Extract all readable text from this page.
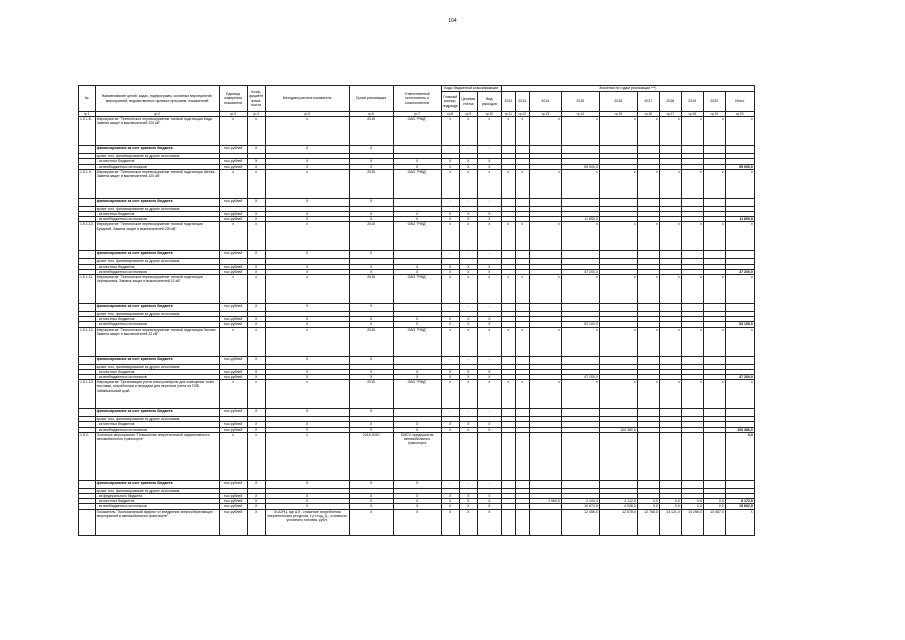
104
№	Наименование целей, задач, подпрограмм, основных мероприятий, мероприятий, ведомственных целевых программ, показателей	Единица измерения показателя	Коэф- фициент значи- мости	Методика расчета показателя	Сроки реализации	Ответственный исполнитель и соисполнители	Коды бюджетной классификации			Значения по годам реализации ***)									
							Главный распор. подразде	Целевая статья	Вид расходов	2012	2013	2014	2015	2016	2017	2018	2019	2020	Итого
гр.1	гр.2	гр.3	гр.4	гр.5	гр.6	гр.7	гр.8	гр.9	гр.10	гр.11	гр.12	гр.13	гр.14	гр.15	гр.16	гр.17	гр.18	гр.19	гр.20
1.5.1.8.	Мероприятие "Техническое перевооружение тяговой подстанции Бада. Замена защит и выключателей 220 кВ"	х	х	х	2015	ОАО "РЖД"	х	х	х	х	х	х	х	х	х	х	х	х	х
	финансирование за счет краевого бюджета	тыс.рублей	Х	Х	Х		-	-	-										
	кроме того, финансирование из других источников:																		
	- из местных бюджетов	тыс.рублей	Х	Х	Х	Х	Х	Х	Х										
	- из внебюджетных источников	тыс.рублей	Х	Х	Х	Х	Х	Х	Х				59 000,0						59 000,0
1.5.1.9.	Мероприятие "Техническое перевооружение тяговой подстанции Шелка. Замена защит и выключателей 220 кВ"	х	х	х	2015	ОАО "РЖД"	х	х	х	х	х	х	х	х	х	х	х	х	х
	финансирование за счет краевого бюджета	тыс.рублей	Х	Х	Х		-	-	-										
	кроме того, финансирование из других источников:																		
	- из местных бюджетов	тыс.рублей	Х	Х	Х	Х	Х	Х	Х										
	- из внебюджетных источников	тыс.рублей	Х	Х	Х	Х	Х	Х	Х				11 800,0						11 800,0
1.5.1.10.	Мероприятие "Техническое перевооружение тяговой подстанции Бушулей. Замена защит и выключателей 220 кВ"	х	х	х	2015	ОАО "РЖД"	х	х	х	х	х	х	х	х	х	х	х	х	х
	финансирование за счет краевого бюджета	тыс.рублей	Х	Х	Х		-	-	-										
	кроме того, финансирование из других источников:																		
	- из местных бюджетов	тыс.рублей	Х	Х	Х	Х	Х	Х	Х										
	- из внебюджетных источников	тыс.рублей	Х	Х	Х	Х	Х	Х	Х				47 200,0						47 200,0
1.5.1.11.	Мероприятие "Техническое перевооружение тяговой подстанции Чернышевск. Замена защит и выключателей 22 кВ"	х	х	х	2015	ОАО "РЖД"	х	х	х	х	х	х	х	х	х	х	х	х	х
	финансирование за счет краевого бюджета	тыс.рублей	Х	Х	Х		-	-	-										
	кроме того, финансирование из других источников:																		
	- из местных бюджетов	тыс.рублей	Х	Х	Х	Х	Х	Х	Х										
	- из внебюджетных источников	тыс.рублей	Х	Х	Х	Х	Х	Х	Х				53 100,0						53 100,0
1.5.1.12.	Мероприятие "Техническое перевооружение тяговой подстанции Зилово. Замена защит и выключателей 22 кВ"	х	х	х	2015	ОАО "РЖД"	х	х	х	х	х	х	х	х	х	х	х	х	х
	финансирование за счет краевого бюджета	тыс.рублей	Х	Х	Х		-	-	-										
	кроме того, финансирование из других источников:																		
	- из местных бюджетов	тыс.рублей	Х	Х	Х	Х	Х	Х	Х										
	- из внебюджетных источников	тыс.рублей	Х	Х	Х	Х	Х	Х	Х				47 200,0						47 200,0
1.5.1.13.	Мероприятие "Организация учета электроэнергии для освещения точек поставки, потребления и передачи для переносв учета на ПЛБ. Забайкальский край	х	х	х	2015	ОАО "РЖД"	х	х	х	х	х	х	х	х	х	х	х	х	х
	финансирование за счет краевого бюджета	тыс.рублей	Х	Х	Х		-	-	-										
	кроме того, финансирование из других источников:																		
	- из местных бюджетов	тыс.рублей	Х	Х	Х	Х	Х	Х	Х										
	- из внебюджетных источников	тыс.рублей	Х	Х	Х	Х	Х	Х	Х					100 380,0					100 380,0
1.5.2.	Основное мероприятие "Повышение энергетической эффективности автомобильного транспорта"	х	х	х	2015-2020	ОМСУ, предприятия автомобильного транспорта													0,0
	финансирование за счет краевого бюджета	тыс.рублей	Х	Х	Х	Х	-	-	-										
	кроме того, финансирование из других источников:																		
	- из федерального бюджета	тыс.рублей	Х	Х	Х	Х	Х	Х	Х										
	- из местных бюджетов	тыс.рублей	Х	Х	Х	Х	Х	Х	Х			1 960,5	2 100,0	2 112,0	0,0	0,0	0,0	0,0	6 172,5
	- из внебюджетных источников	тыс.рублей	Х	Х	Х	Х	Х	Х	Х				10 674,5	4 928,0	0,0	0,0	0,0	0,0	15 602,5
	Показатель "Экономический эффект от внедрения энергосберегающих мероприятий в автомобильном транспорте"	тыс.рублей	Х	Э=ΔЭ*Ц, где ΔЭ - снижение потребления энергетических ресурсов, т.у.т./год, Ц - стоимость условного топлива, руб/т.	Х	Х	Х	Х	Х				12 456,0	12 578,0	12 768,0	13 121,0	13 256,0	13 457,0	Х
